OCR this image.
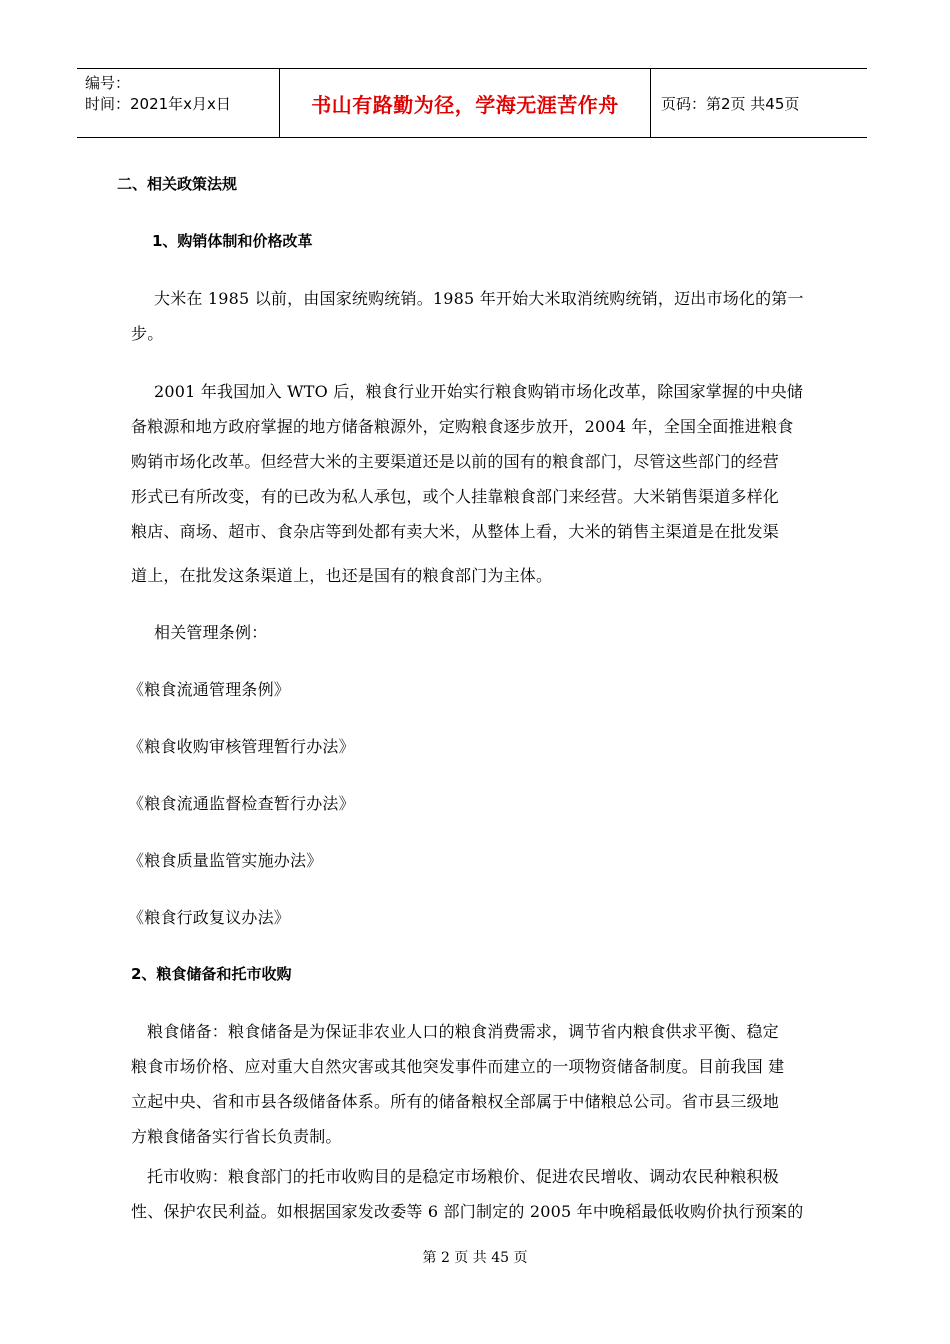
编号：
时间：2021年x月x日	书山有路勤为径，学海无涯苦作舟	页码：第2页 共45页
二、相关政策法规
1、购销体制和价格改革
大米在 1985 以前，由国家统购统销。1985 年开始大米取消统购统销，迈出市场化的第一
步。
2001 年我国加入 WTO 后，粮食行业开始实行粮食购销市场化改革，除国家掌握的中央储
备粮源和地方政府掌握的地方储备粮源外，定购粮食逐步放开，2004 年，全国全面推进粮食
购销市场化改革。但经营大米的主要渠道还是以前的国有的粮食部门，尽管这些部门的经营
形式已有所改变，有的已改为私人承包，或个人挂靠粮食部门来经营。大米销售渠道多样化
粮店、商场、超市、食杂店等到处都有卖大米，从整体上看，大米的销售主渠道是在批发渠
道上，在批发这条渠道上，也还是国有的粮食部门为主体。
相关管理条例：
《粮食流通管理条例》
《粮食收购审核管理暂行办法》
《粮食流通监督检查暂行办法》
《粮食质量监管实施办法》
《粮食行政复议办法》
2、粮食储备和托市收购
粮食储备：粮食储备是为保证非农业人口的粮食消费需求，调节省内粮食供求平衡、稳定
粮食市场价格、应对重大自然灾害或其他突发事件而建立的一项物资储备制度。目前我国 建
立起中央、省和市县各级储备体系。所有的储备粮权全部属于中储粮总公司。省市县三级地
方粮食储备实行省长负责制。
托市收购：粮食部门的托市收购目的是稳定市场粮价、促进农民增收、调动农民种粮积极
性、保护农民利益。如根据国家发改委等 6 部门制定的 2005 年中晚稻最低收购价执行预案的
第 2 页 共 45 页
